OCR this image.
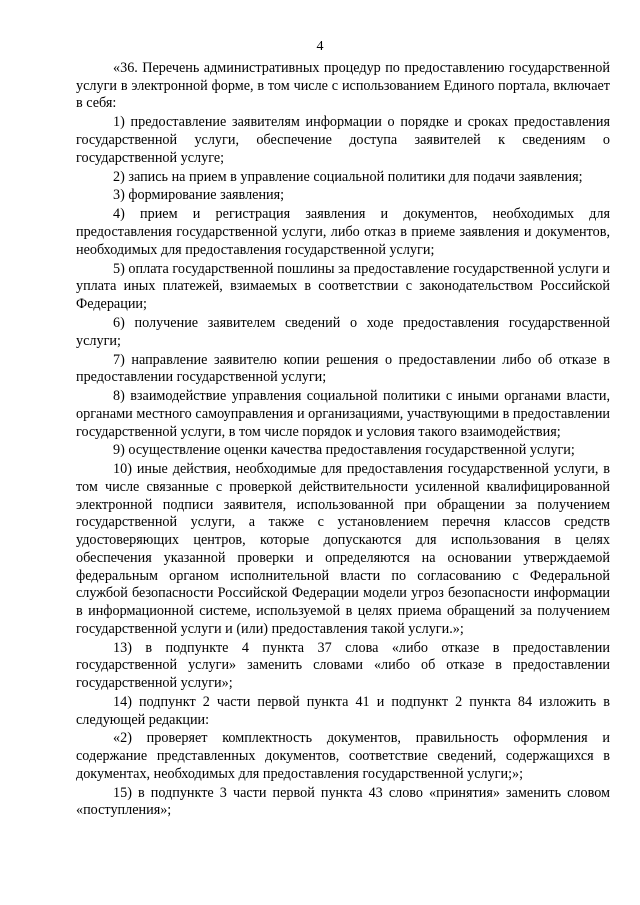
4

«36. Перечень административных процедур по предоставлению государственной услуги в электронной форме, в том числе с использованием Единого портала, включает в себя:

1) предоставление заявителям информации о порядке и сроках предоставления государственной услуги, обеспечение доступа заявителей к сведениям о государственной услуге;

2) запись на прием в управление социальной политики для подачи заявления;

3) формирование заявления;

4) прием и регистрация заявления и документов, необходимых для предоставления государственной услуги, либо отказ в приеме заявления и документов, необходимых для предоставления государственной услуги;

5) оплата государственной пошлины за предоставление государственной услуги и уплата иных платежей, взимаемых в соответствии с законодательством Российской Федерации;

6) получение заявителем сведений о ходе предоставления государственной услуги;

7) направление заявителю копии решения о предоставлении либо об отказе в предоставлении государственной услуги;

8) взаимодействие управления социальной политики с иными органами власти, органами местного самоуправления и организациями, участвующими в предоставлении государственной услуги, в том числе порядок и условия такого взаимодействия;

9) осуществление оценки качества предоставления государственной услуги;

10) иные действия, необходимые для предоставления государственной услуги, в том числе связанные с проверкой действительности усиленной квалифицированной электронной подписи заявителя, использованной при обращении за получением государственной услуги, а также с установлением перечня классов средств удостоверяющих центров, которые допускаются для использования в целях обеспечения указанной проверки и определяются на основании утверждаемой федеральным органом исполнительной власти по согласованию с Федеральной службой безопасности Российской Федерации модели угроз безопасности информации в информационной системе, используемой в целях приема обращений за получением государственной услуги и (или) предоставления такой услуги.»;

13) в подпункте 4 пункта 37 слова «либо отказе в предоставлении государственной услуги» заменить словами «либо об отказе в предоставлении государственной услуги»;

14) подпункт 2 части первой пункта 41 и подпункт 2 пункта 84 изложить в следующей редакции:

«2) проверяет комплектность документов, правильность оформления и содержание представленных документов, соответствие сведений, содержащихся в документах, необходимых для предоставления государственной услуги;»;

15) в подпункте 3 части первой пункта 43 слово «принятия» заменить словом «поступления»;
